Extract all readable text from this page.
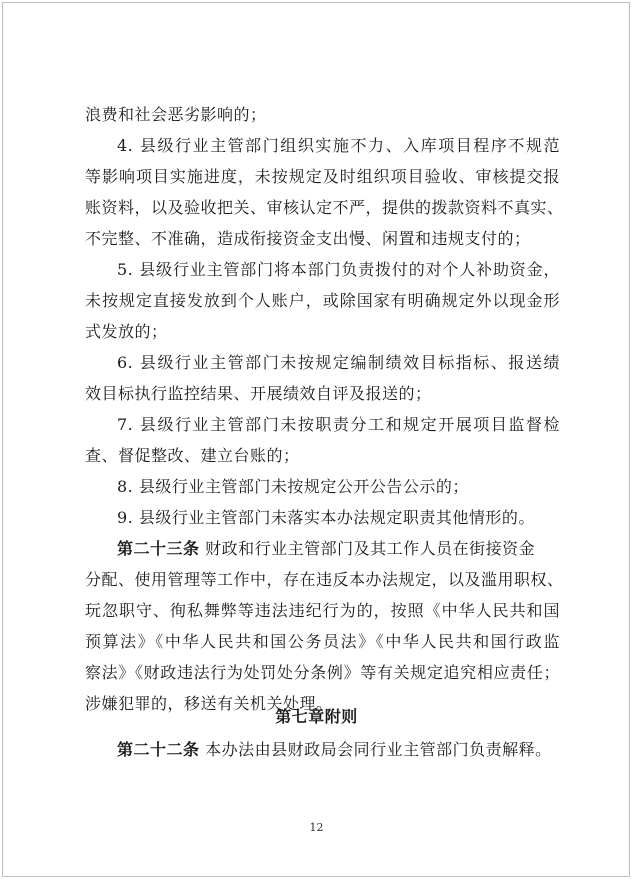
浪费和社会恶劣影响的；
4. 县级行业主管部门组织实施不力、入库项目程序不规范
等影响项目实施进度，未按规定及时组织项目验收、审核提交报
账资料，以及验收把关、审核认定不严，提供的拨款资料不真实、
不完整、不准确，造成衔接资金支出慢、闲置和违规支付的；
5. 县级行业主管部门将本部门负责拨付的对个人补助资金，
未按规定直接发放到个人账户，或除国家有明确规定外以现金形
式发放的；
6. 县级行业主管部门未按规定编制绩效目标指标、报送绩
效目标执行监控结果、开展绩效自评及报送的；
7. 县级行业主管部门未按职责分工和规定开展项目监督检
查、督促整改、建立台账的；
8. 县级行业主管部门未按规定公开公告公示的；
9. 县级行业主管部门未落实本办法规定职责其他情形的。
第二十三条 财政和行业主管部门及其工作人员在街接资金
分配、使用管理等工作中，存在违反本办法规定，以及滥用职权、
玩忽职守、徇私舞弊等违法违纪行为的，按照《中华人民共和国
预算法》《中华人民共和国公务员法》《中华人民共和国行政监
察法》《财政违法行为处罚处分条例》等有关规定追究相应责任；
涉嫌犯罪的，移送有关机关处理。
第七章附则
第二十二条 本办法由县财政局会同行业主管部门负责解释。
12
